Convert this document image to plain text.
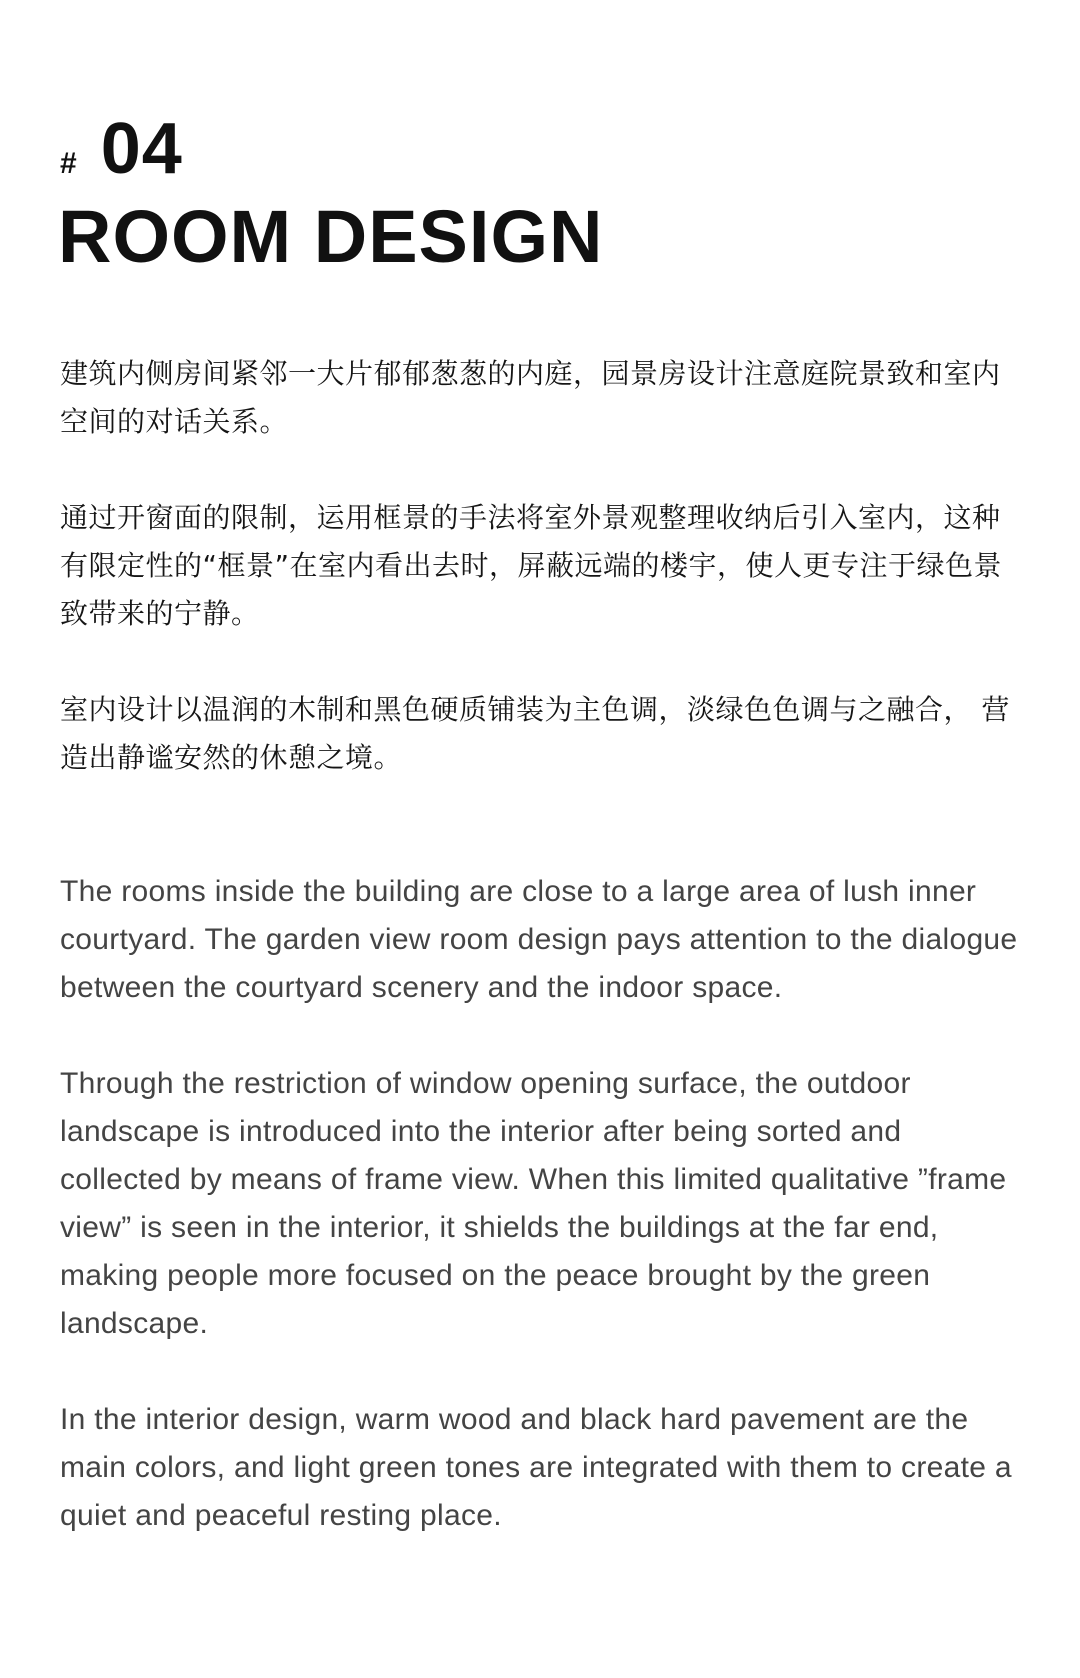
# 04
ROOM DESIGN

建筑内侧房间紧邻一大片郁郁葱葱的内庭，园景房设计注意庭院景致和室内空间的对话关系。

通过开窗面的限制，运用框景的手法将室外景观整理收纳后引入室内，这种有限定性的“框景”在室内看出去时，屏蔽远端的楼宇，使人更专注于绿色景致带来的宁静。

室内设计以温润的木制和黑色硬质铺装为主色调，淡绿色色调与之融合， 营造出静谧安然的休憩之境。

The rooms inside the building are close to a large area of lush inner courtyard. The garden view room design pays attention to the dialogue between the courtyard scenery and the indoor space.

Through the restriction of window opening surface, the outdoor landscape is introduced into the interior after being sorted and collected by means of frame view. When this limited qualitative ”frame view” is seen in the interior, it shields the buildings at the far end, making people more focused on the peace brought by the green landscape.

In the interior design, warm wood and black hard pavement are the main colors, and light green tones are integrated with them to create a quiet and peaceful resting place.
